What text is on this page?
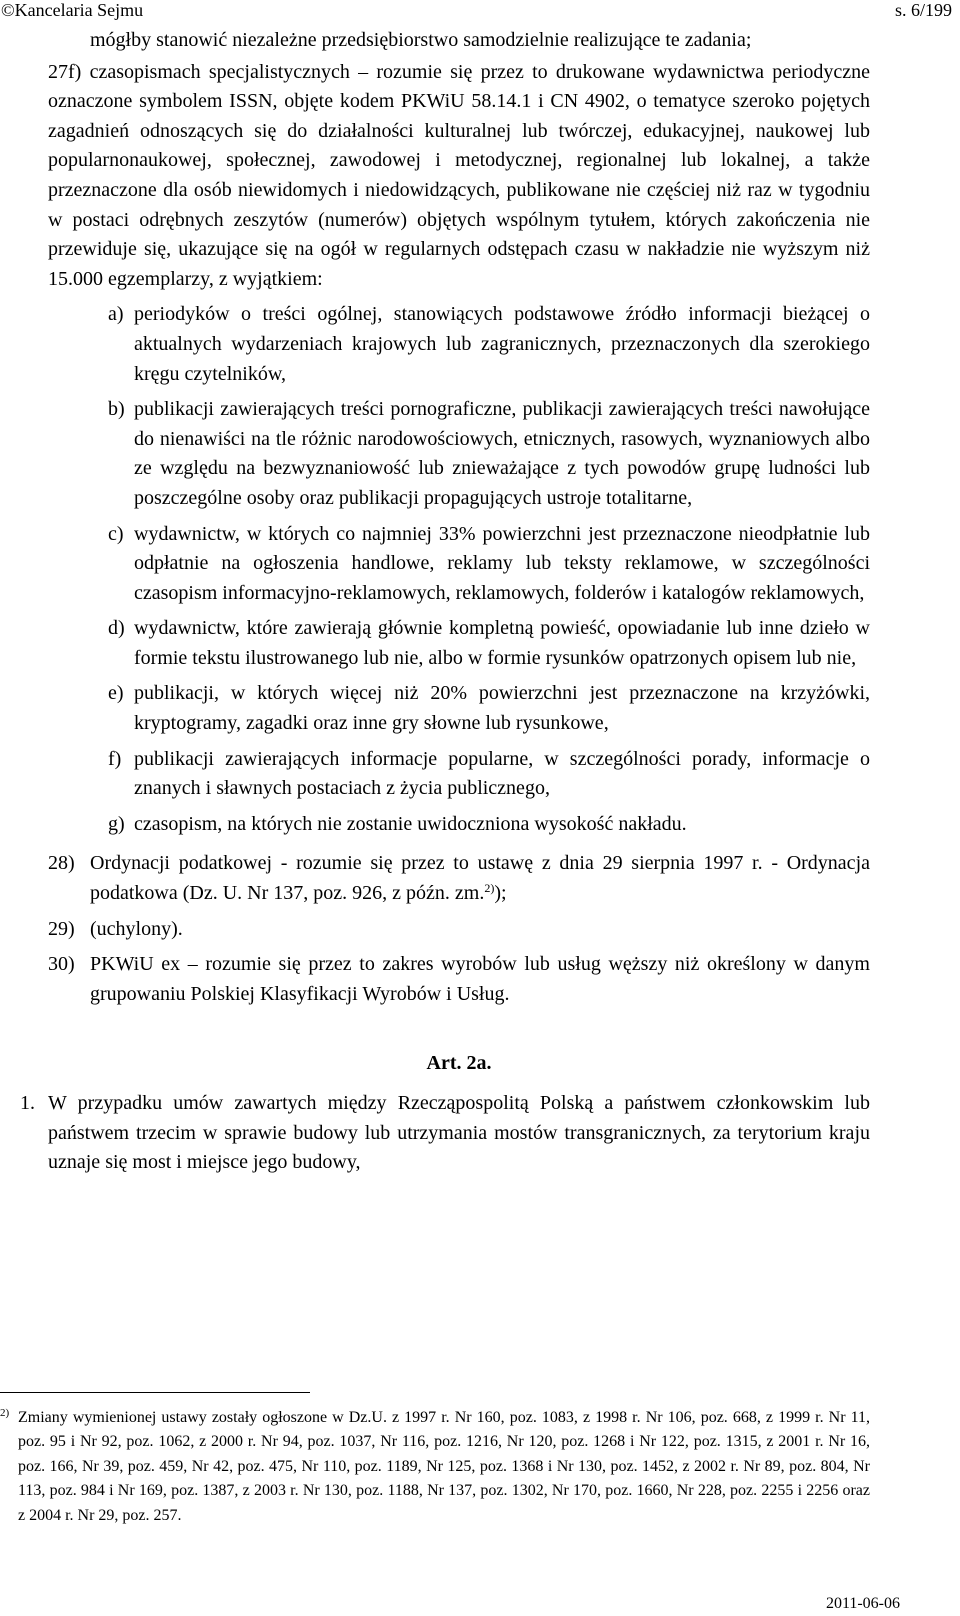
©Kancelaria Sejmu	s. 6/199

mógłby stanowić niezależne przedsiębiorstwo samodzielnie realizujące te zadania;

27f) czasopismach specjalistycznych – rozumie się przez to drukowane wydawnictwa periodyczne oznaczone symbolem ISSN, objęte kodem PKWiU 58.14.1 i CN 4902, o tematyce szeroko pojętych zagadnień odnoszących się do działalności kulturalnej lub twórczej, edukacyjnej, naukowej lub popularnonaukowej, społecznej, zawodowej i metodycznej, regionalnej lub lokalnej, a także przeznaczone dla osób niewidomych i niedowidzących, publikowane nie częściej niż raz w tygodniu w postaci odrębnych zeszytów (numerów) objętych wspólnym tytułem, których zakończenia nie przewiduje się, ukazujące się na ogół w regularnych odstępach czasu w nakładzie nie wyższym niż 15.000 egzemplarzy, z wyjątkiem:

a) periodyków o treści ogólnej, stanowiących podstawowe źródło informacji bieżącej o aktualnych wydarzeniach krajowych lub zagranicznych, przeznaczonych dla szerokiego kręgu czytelników,
b) publikacji zawierających treści pornograficzne, publikacji zawierających treści nawołujące do nienawiści na tle różnic narodowościowych, etnicznych, rasowych, wyznaniowych albo ze względu na bezwyznaniowość lub znieważające z tych powodów grupę ludności lub poszczególne osoby oraz publikacji propagujących ustroje totalitarne,
c) wydawnictw, w których co najmniej 33% powierzchni jest przeznaczone nieodpłatnie lub odpłatnie na ogłoszenia handlowe, reklamy lub teksty reklamowe, w szczególności czasopism informacyjno-reklamowych, reklamowych, folderów i katalogów reklamowych,
d) wydawnictw, które zawierają głównie kompletną powieść, opowiadanie lub inne dzieło w formie tekstu ilustrowanego lub nie, albo w formie rysunków opatrzonych opisem lub nie,
e) publikacji, w których więcej niż 20% powierzchni jest przeznaczone na krzyżówki, kryptogramy, zagadki oraz inne gry słowne lub rysunkowe,
f) publikacji zawierających informacje popularne, w szczególności porady, informacje o znanych i sławnych postaciach z życia publicznego,
g) czasopism, na których nie zostanie uwidoczniona wysokość nakładu.
28) Ordynacji podatkowej - rozumie się przez to ustawę z dnia 29 sierpnia 1997 r. - Ordynacja podatkowa (Dz. U. Nr 137, poz. 926, z późn. zm.$^{2)}$);
29) (uchylony).
30) PKWiU ex – rozumie się przez to zakres wyrobów lub usług węższy niż określony w danym grupowaniu Polskiej Klasyfikacji Wyrobów i Usług.
Art. 2a.
1. W przypadku umów zawartych między Rzecząpospolitą Polską a państwem członkowskim lub państwem trzecim w sprawie budowy lub utrzymania mostów transgranicznych, za terytorium kraju uznaje się most i miejsce jego budowy,
$^{2)}$ Zmiany wymienionej ustawy zostały ogłoszone w Dz.U. z 1997 r. Nr 160, poz. 1083, z 1998 r. Nr 106, poz. 668, z 1999 r. Nr 11, poz. 95 i Nr 92, poz. 1062, z 2000 r. Nr 94, poz. 1037, Nr 116, poz. 1216, Nr 120, poz. 1268 i Nr 122, poz. 1315, z 2001 r. Nr 16, poz. 166, Nr 39, poz. 459, Nr 42, poz. 475, Nr 110, poz. 1189, Nr 125, poz. 1368 i Nr 130, poz. 1452, z 2002 r. Nr 89, poz. 804, Nr 113, poz. 984 i Nr 169, poz. 1387, z 2003 r. Nr 130, poz. 1188, Nr 137, poz. 1302, Nr 170, poz. 1660, Nr 228, poz. 2255 i 2256 oraz z 2004 r. Nr 29, poz. 257.
2011-06-06
